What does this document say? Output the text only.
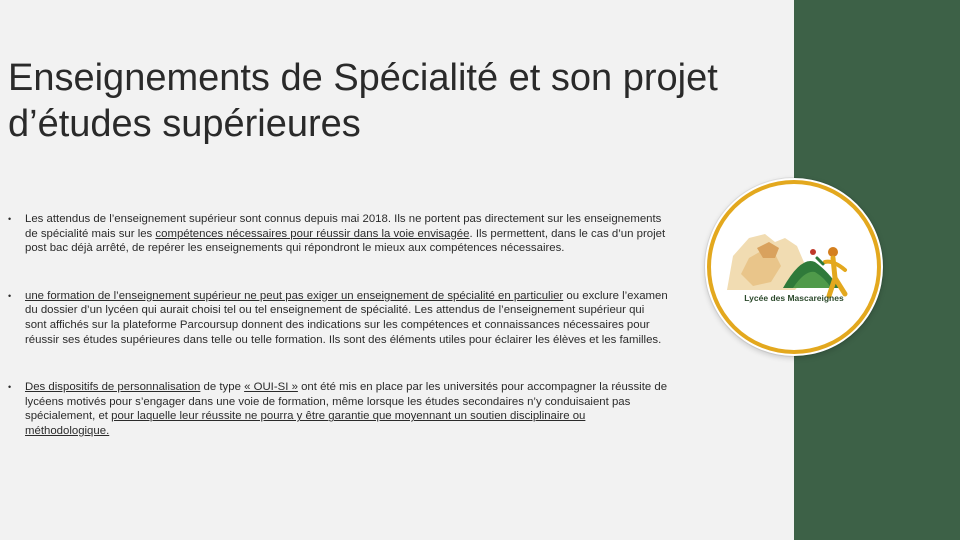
Enseignements de Spécialité et son projet d’études supérieures
• Les attendus de l’enseignement supérieur sont connus depuis mai 2018. Ils ne portent pas directement sur les enseignements de spécialité mais sur les compétences nécessaires pour réussir dans la voie envisagée. Ils permettent, dans le cas d’un projet post bac déjà arrêté, de repérer les enseignements qui répondront le mieux aux compétences nécessaires.
• une formation de l’enseignement supérieur ne peut pas exiger un enseignement de spécialité en particulier ou exclure l’examen du dossier d’un lycéen qui aurait choisi tel ou tel enseignement de spécialité. Les attendus de l’enseignement supérieur qui sont affichés sur la plateforme Parcoursup donnent des indications sur les compétences et connaissances nécessaires pour réussir ses études supérieures dans telle ou telle formation. Ils sont des éléments utiles pour éclairer les élèves et les familles.
• Des dispositifs de personnalisation de type « OUI-SI » ont été mis en place par les universités pour accompagner la réussite de lycéens motivés pour s’engager dans une voie de formation, même lorsque les études secondaires n’y conduisaient pas spécialement, et pour laquelle leur réussite ne pourra y être garantie que moyennant un soutien disciplinaire ou méthodologique.
Lycée des Mascareignes
